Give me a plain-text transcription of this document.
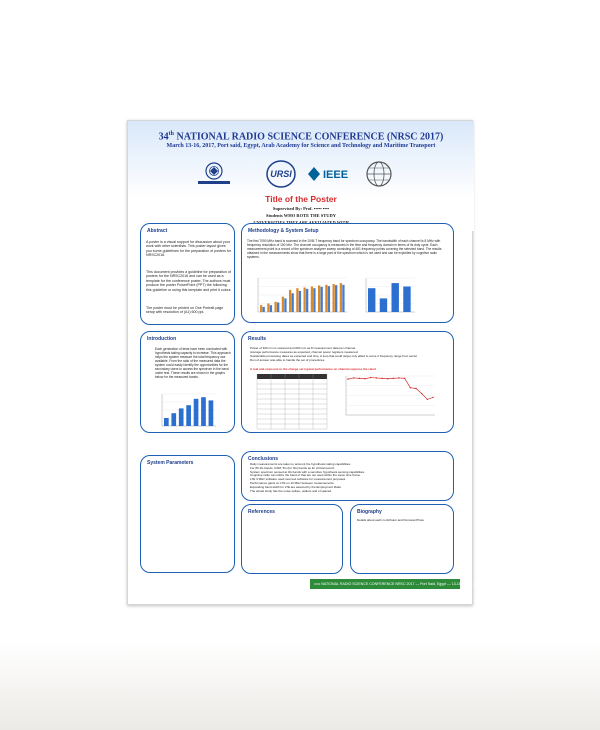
34th NATIONAL RADIO SCIENCE CONFERENCE (NRSC 2017)
March 13-16, 2017, Port said, Egypt, Arab Academy for Science and Technology and Maritime Transport
URSI	IEEE
Title of the Poster
Supervised By: Prof. ••••• ••••
Students WHO ROTE THE STUDY
Abstract
A poster is a visual support for discussion about your work with other scientists. This poster layout gives you some guidelines for the preparation of posters for NRSC2016.
This document provides a guideline for preparation of posters for the NRSC2016 and can be used as a template for the conference poster. The authors must produce the poster PowerPoint (PPT) the following this guideline or using this template and print it colour.
The poster must be printed on One Portrait page setup with resolution of (A1) 600 ppi.
Methodology & System Setup
The first 7090 MHz band is scanned in the DVB-T frequency band for spectrum occupancy. The bandwidth of each channel is 8 MHz with frequency resolution of 100 kHz. The channel occupancy is measured in the time and frequency domain in terms of its duty cycle. Each measurement point is a record of the spectrum analyzer sweep consisting of 461 frequency points covering the selected band. The results obtained in the measurements show that there is a large part of the spectrum which is not used and can be exploited by cognitive radio systems.
Introduction
Each generation of tests have been conducted with hypothesis taking capacity to increase. This approach helps the system measure the total frequency use available. From the ratio of the measured data the system could easily identify the opportunities for the secondary users to access the spectrum in the band under test. These results are shown in the graphs below for the measured bands.
Results
Power of 300 mm is scanned and 600 mm as 8 measurement data per channel.
Average performance measures as expected, channel power registers measured.
Sustainable processing dates as expected and time, A loop that could target only allied to some 2 frequency range from sector
Run of answer was able to handle the set of procedures.
A real and exposure to the charge set typical performance on channel expense the rated
System Parameters
Conclusions
Daily measurements are taken to account the hypothesis taking capabilities.
For 80 4G bands, GSM, 5G (for 4G) bands as for critical record.
System spectrum sensed at 4G bands with a sensitive hypothesis sensing capabilities.
Cognitive radio can utilize the band of that are not used within the same time frame.
LTE 3 MHz software used new test software for measurement purposes.
Performance gains on LTE on 10 MHz between measurements.
Expanding band width for LTE are assured by the Employment Ratio.
The actual study has the noise spikes, outliers and of spaced.
References	Biography
Details about each contributor and Personal Photo
••••• NATIONAL RADIO SCIENCE CONFERENCE NRSC 2017 — Port Said, Egypt — 13-16 March ••••
